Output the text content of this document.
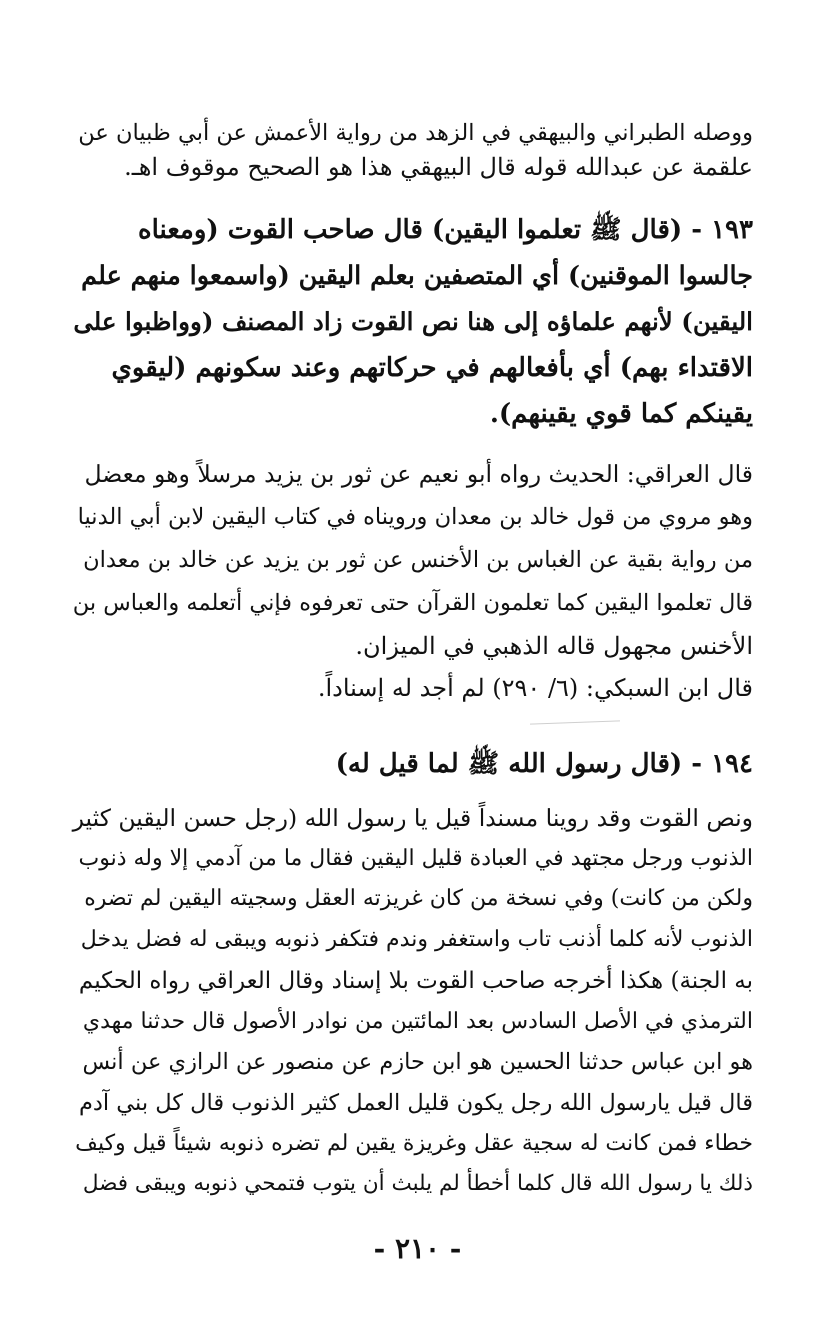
ووصله الطبراني والبيهقي في الزهد من رواية الأعمش عن أبي ظبيان عن
علقمة عن عبدالله قوله قال البيهقي هذا هو الصحيح موقوف اهـ.
١٩٣ - (قال ﷺ تعلموا اليقين) قال صاحب القوت (ومعناه
جالسوا الموقنين) أي المتصفين بعلم اليقين (واسمعوا منهم علم
اليقين) لأنهم علماؤه إلى هنا نص القوت زاد المصنف (وواظبوا على
الاقتداء بهم) أي بأفعالهم في حركاتهم وعند سكونهم (ليقوي
يقينكم كما قوي يقينهم).
قال العراقي: الحديث رواه أبو نعيم عن ثور بن يزيد مرسلاً وهو معضل
وهو مروي من قول خالد بن معدان ورويناه في كتاب اليقين لابن أبي الدنيا
من رواية بقية عن الغباس بن الأخنس عن ثور بن يزيد عن خالد بن معدان
قال تعلموا اليقين كما تعلمون القرآن حتى تعرفوه فإني أتعلمه والعباس بن
الأخنس مجهول قاله الذهبي في الميزان.
قال ابن السبكي: (٦/ ٢٩٠) لم أجد له إسناداً.
١٩٤ - (قال رسول الله ﷺ لما قيل له)
ونص القوت وقد روينا مسنداً قيل يا رسول الله (رجل حسن اليقين كثير
الذنوب ورجل مجتهد في العبادة قليل اليقين فقال ما من آدمي إلا وله ذنوب
ولكن من كانت) وفي نسخة من كان غريزته العقل وسجيته اليقين لم تضره
الذنوب لأنه كلما أذنب تاب واستغفر وندم فتكفر ذنوبه ويبقى له فضل يدخل
به الجنة) هكذا أخرجه صاحب القوت بلا إسناد وقال العراقي رواه الحكيم
الترمذي في الأصل السادس بعد المائتين من نوادر الأصول قال حدثنا مهدي
هو ابن عباس حدثنا الحسين هو ابن حازم عن منصور عن الرازي عن أنس
قال قيل يارسول الله رجل يكون قليل العمل كثير الذنوب قال كل بني آدم
خطاء فمن كانت له سجية عقل وغريزة يقين لم تضره ذنوبه شيئاً قيل وكيف
ذلك يا رسول الله قال كلما أخطأ لم يلبث أن يتوب فتمحي ذنوبه ويبقى فضل
- ٢١٠ -
